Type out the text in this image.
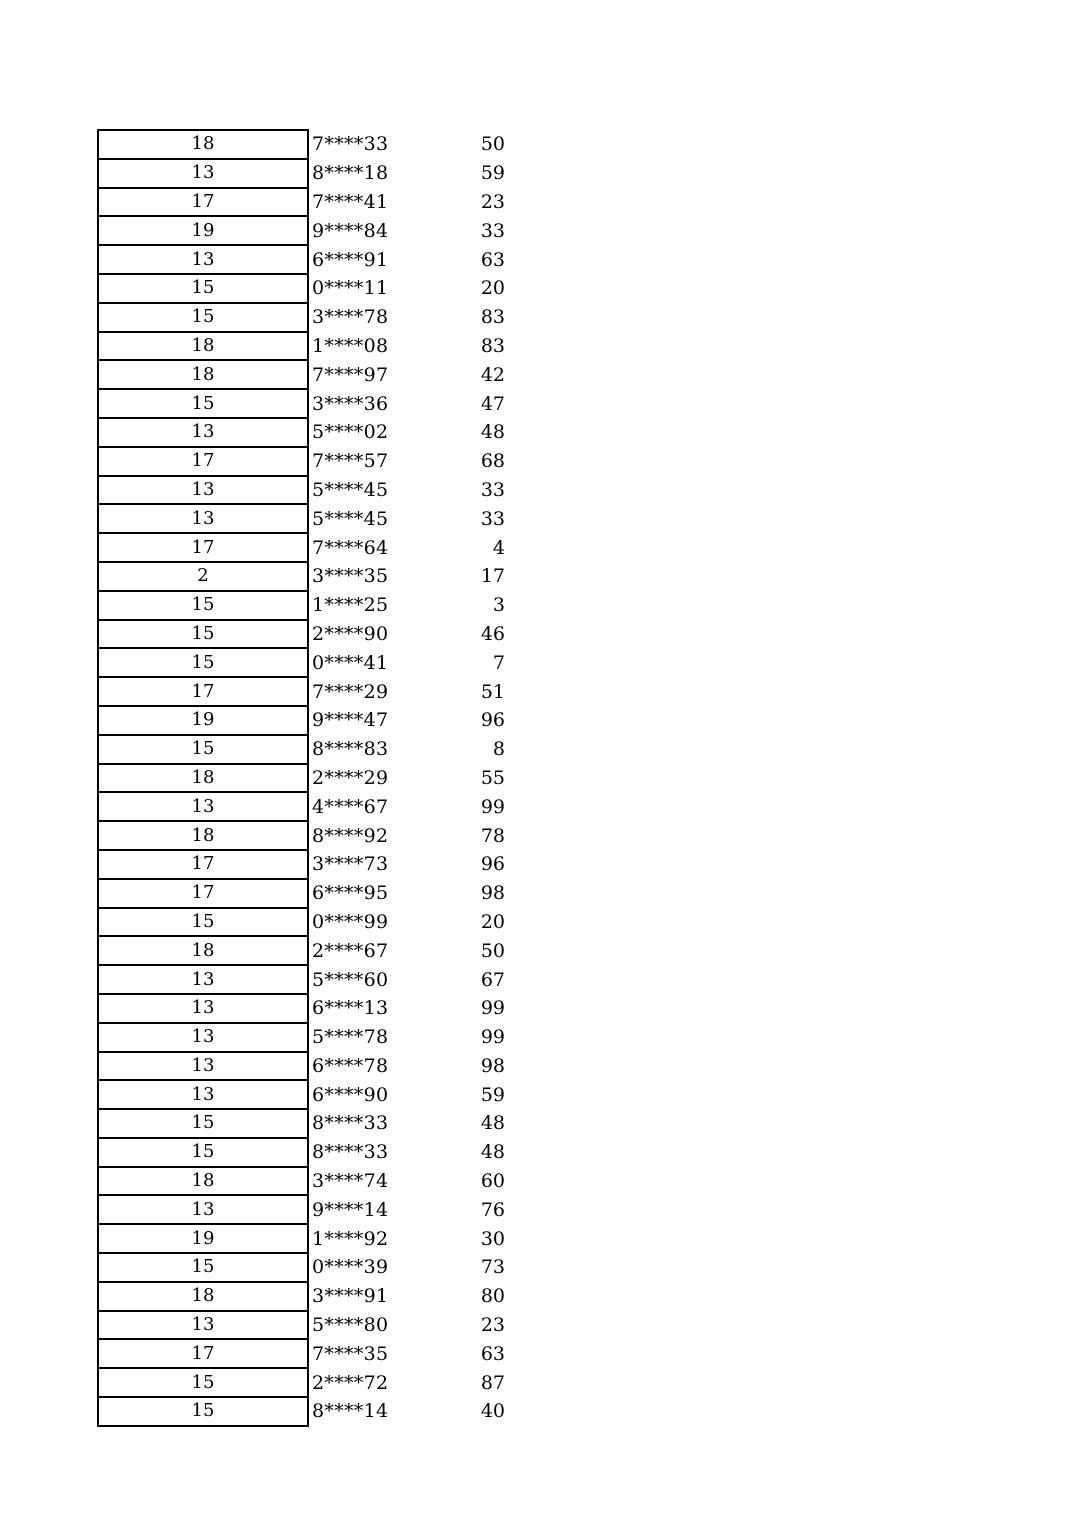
18	7****33	50
13	8****18	59
17	7****41	23
19	9****84	33
13	6****91	63
15	0****11	20
15	3****78	83
18	1****08	83
18	7****97	42
15	3****36	47
13	5****02	48
17	7****57	68
13	5****45	33
13	5****45	33
17	7****64	4
2	3****35	17
15	1****25	3
15	2****90	46
15	0****41	7
17	7****29	51
19	9****47	96
15	8****83	8
18	2****29	55
13	4****67	99
18	8****92	78
17	3****73	96
17	6****95	98
15	0****99	20
18	2****67	50
13	5****60	67
13	6****13	99
13	5****78	99
13	6****78	98
13	6****90	59
15	8****33	48
15	8****33	48
18	3****74	60
13	9****14	76
19	1****92	30
15	0****39	73
18	3****91	80
13	5****80	23
17	7****35	63
15	2****72	87
15	8****14	40
